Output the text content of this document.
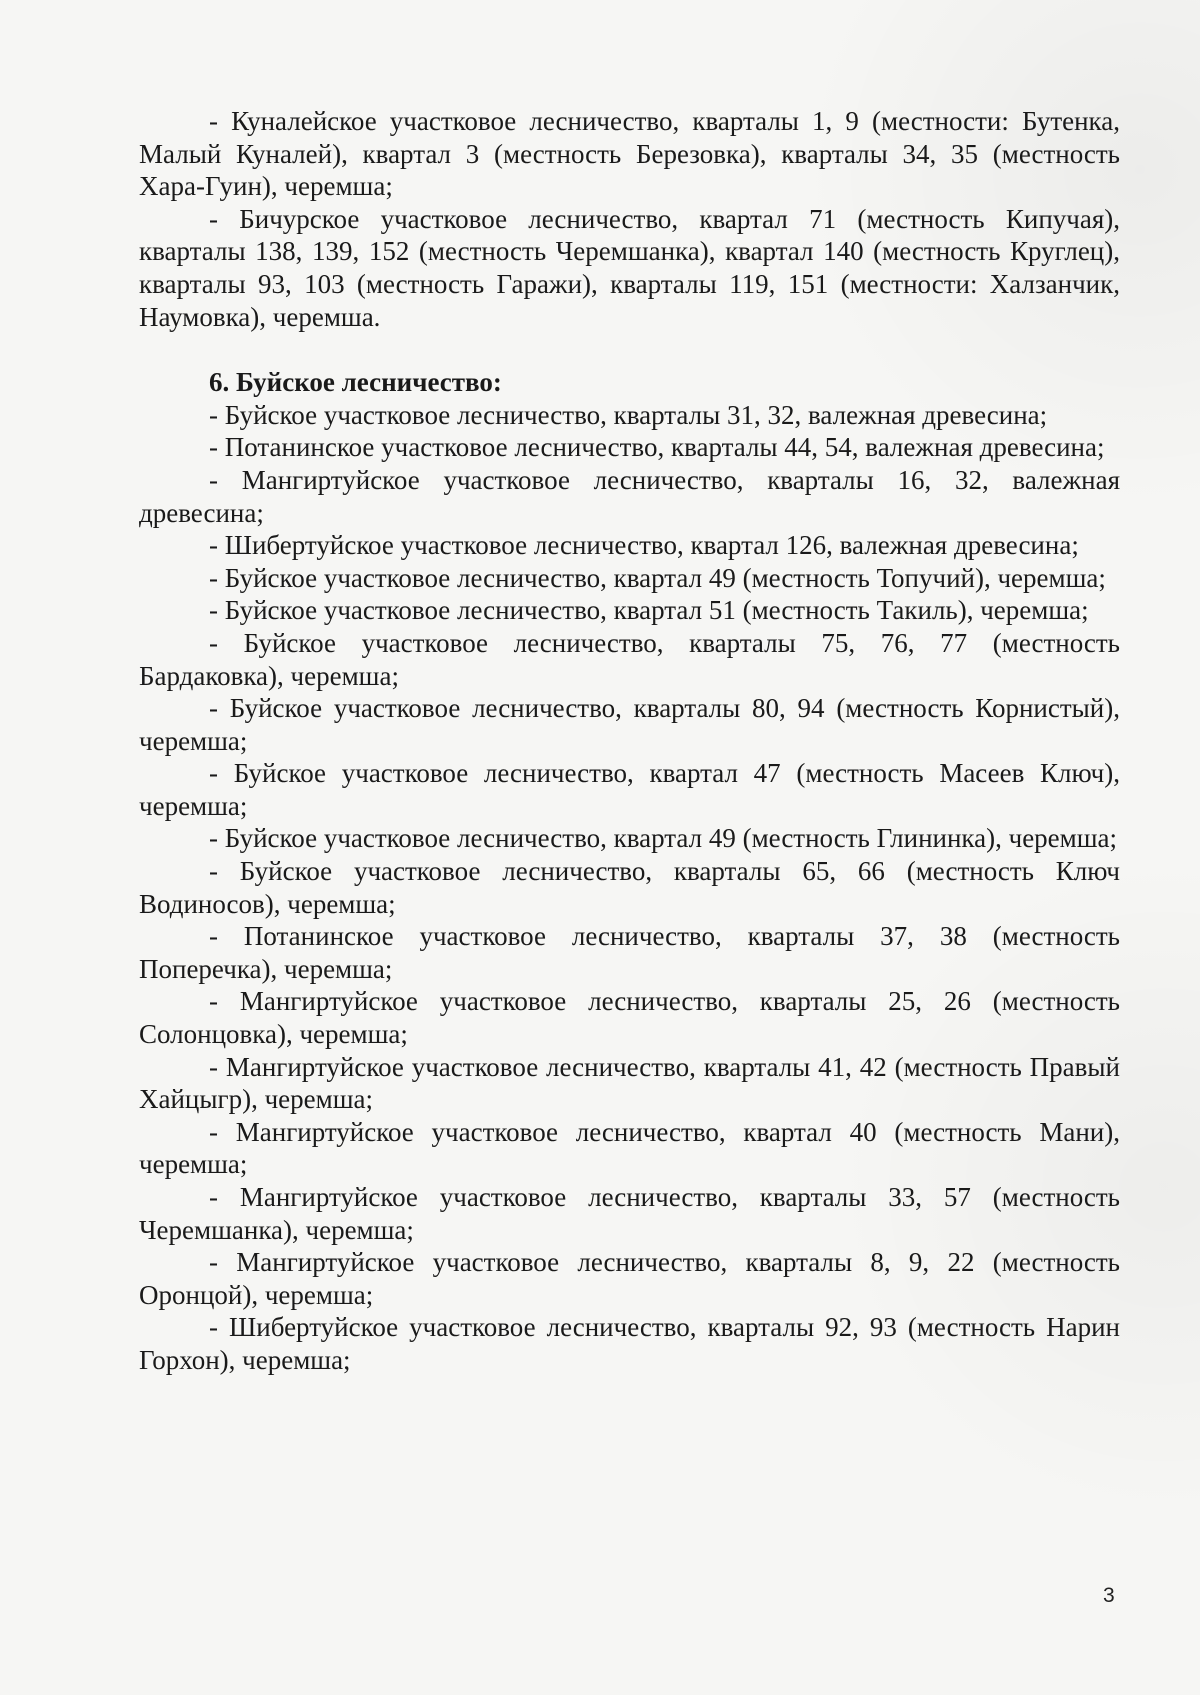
- Куналейское участковое лесничество, кварталы 1, 9 (местности: Бутенка, Малый Куналей), квартал 3 (местность Березовка), кварталы 34, 35 (местность Хара-Гуин), черемша;

- Бичурское участковое лесничество, квартал 71 (местность Кипучая), кварталы 138, 139, 152 (местность Черемшанка), квартал 140 (местность Круглец), кварталы 93, 103 (местность Гаражи), кварталы 119, 151 (местности: Халзанчик, Наумовка), черемша.

6. Буйское лесничество:

- Буйское участковое лесничество, кварталы 31, 32, валежная древесина;

- Потанинское участковое лесничество, кварталы 44, 54, валежная древесина;

- Мангиртуйское участковое лесничество, кварталы 16, 32, валежная древесина;

- Шибертуйское участковое лесничество, квартал 126, валежная древесина;

- Буйское участковое лесничество, квартал 49 (местность Топучий), черемша;

- Буйское участковое лесничество, квартал 51 (местность Такиль), черемша;

- Буйское участковое лесничество, кварталы 75, 76, 77 (местность Бардаковка), черемша;

- Буйское участковое лесничество, кварталы 80, 94 (местность Корнистый), черемша;

- Буйское участковое лесничество, квартал 47 (местность Масеев Ключ), черемша;

- Буйское участковое лесничество, квартал 49 (местность Глининка), черемша;

- Буйское участковое лесничество, кварталы 65, 66 (местность Ключ Водиносов), черемша;

- Потанинское участковое лесничество, кварталы 37, 38 (местность Поперечка), черемша;

- Мангиртуйское участковое лесничество, кварталы 25, 26 (местность Солонцовка), черемша;

- Мангиртуйское участковое лесничество, кварталы 41, 42 (местность Правый Хайцыгр), черемша;

- Мангиртуйское участковое лесничество, квартал 40 (местность Мани), черемша;

- Мангиртуйское участковое лесничество, кварталы 33, 57 (местность Черемшанка), черемша;

- Мангиртуйское участковое лесничество, кварталы 8, 9, 22 (местность Оронцой), черемша;

- Шибертуйское участковое лесничество, кварталы 92, 93 (местность Нарин Горхон), черемша;

3
